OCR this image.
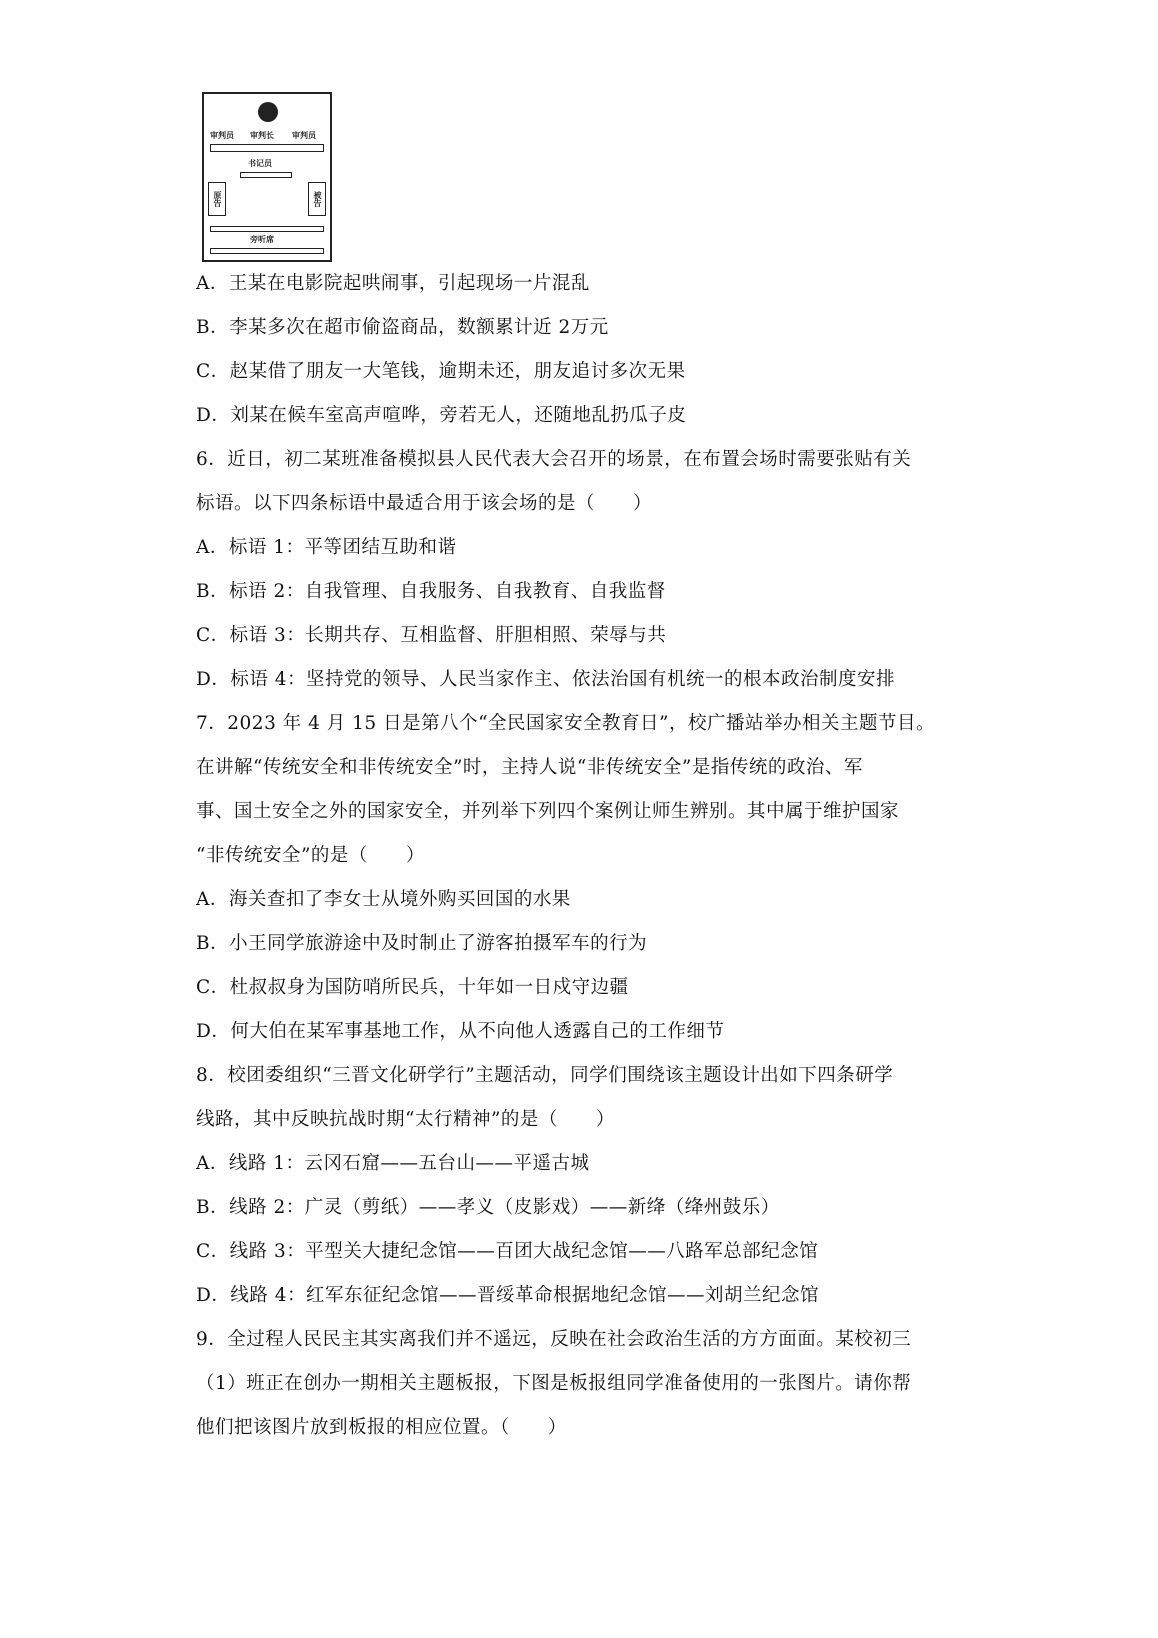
审判员 审判长 审判员
书记员
原告	被告
旁听席
A．王某在电影院起哄闹事，引起现场一片混乱
B．李某多次在超市偷盗商品，数额累计近 2万元
C．赵某借了朋友一大笔钱，逾期未还，朋友追讨多次无果
D．刘某在候车室高声喧哗，旁若无人，还随地乱扔瓜子皮
6．近日，初二某班准备模拟县人民代表大会召开的场景，在布置会场时需要张贴有关
标语。以下四条标语中最适合用于该会场的是（　　）
A．标语 1：平等团结互助和谐
B．标语 2：自我管理、自我服务、自我教育、自我监督
C．标语 3：长期共存、互相监督、肝胆相照、荣辱与共
D．标语 4：坚持党的领导、人民当家作主、依法治国有机统一的根本政治制度安排
7．2023 年 4 月 15 日是第八个“全民国家安全教育日”，校广播站举办相关主题节目。
在讲解“传统安全和非传统安全”时，主持人说“非传统安全”是指传统的政治、军
事、国土安全之外的国家安全，并列举下列四个案例让师生辨别。其中属于维护国家
“非传统安全”的是（　　）
A．海关查扣了李女士从境外购买回国的水果
B．小王同学旅游途中及时制止了游客拍摄军车的行为
C．杜叔叔身为国防哨所民兵，十年如一日戍守边疆
D．何大伯在某军事基地工作，从不向他人透露自己的工作细节
8．校团委组织“三晋文化研学行”主题活动，同学们围绕该主题设计出如下四条研学
线路，其中反映抗战时期“太行精神”的是（　　）
A．线路 1：云冈石窟——五台山——平遥古城
B．线路 2：广灵（剪纸）——孝义（皮影戏）——新绛（绛州鼓乐）
C．线路 3：平型关大捷纪念馆——百团大战纪念馆——八路军总部纪念馆
D．线路 4：红军东征纪念馆——晋绥革命根据地纪念馆——刘胡兰纪念馆
9．全过程人民民主其实离我们并不遥远，反映在社会政治生活的方方面面。某校初三
（1）班正在创办一期相关主题板报，下图是板报组同学准备使用的一张图片。请你帮
他们把该图片放到板报的相应位置。（　　）
